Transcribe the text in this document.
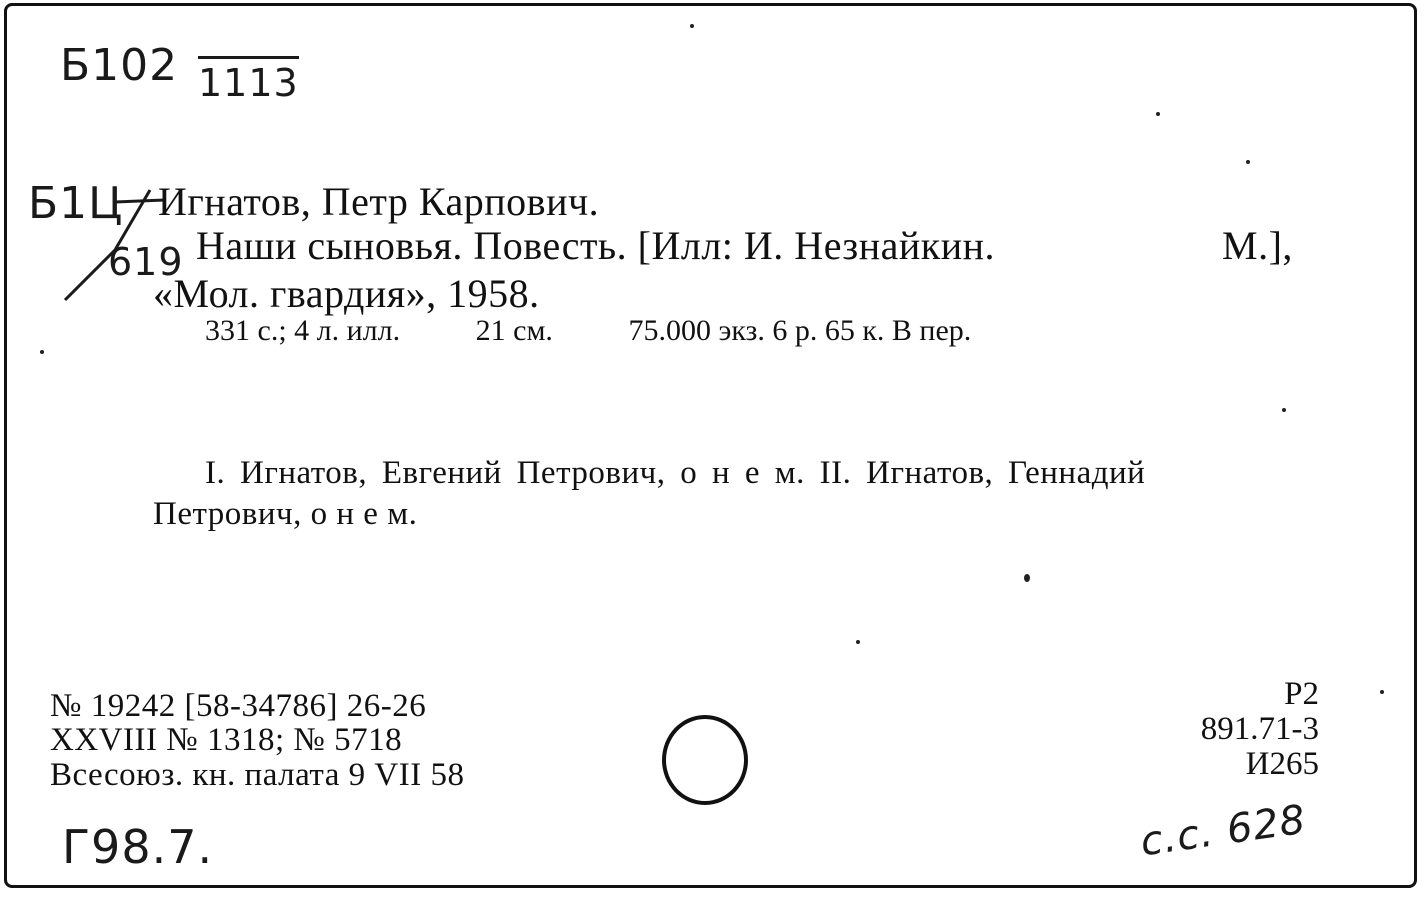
Б102 1113
Б1Ц
619
Игнатов, Петр Карпович.
Наши сыновья. Повесть. [Илл: И. Незнайкин.	М.],
«Мол. гвардия», 1958.
331 с.; 4 л. илл.	21 см.	75.000 экз. 6 р. 65 к. В пер.
I. Игнатов, Евгений Петрович, о н е м. II. Игнатов, Геннадий
Петрович, о н е м.
№ 19242 [58-34786] 26-26
XXVIII № 1318; № 5718
Всесоюз. кн. палата 9 VII 58
Р2
891.71-3
И265
Г98.7.	с.с. 628
